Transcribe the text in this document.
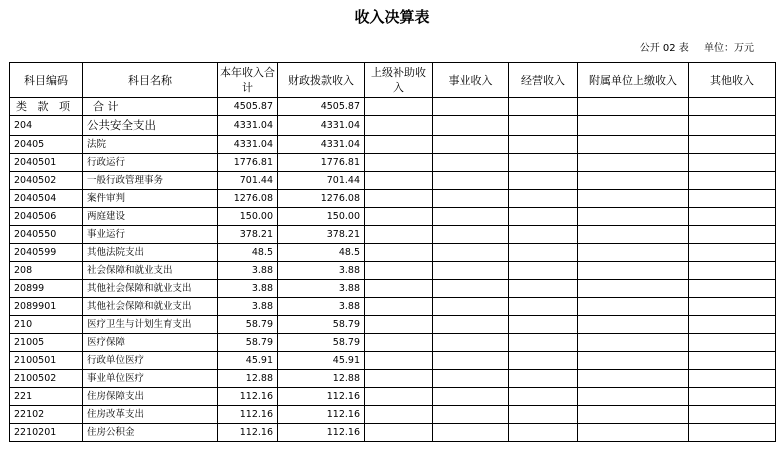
收入决算表
公开 02 表 单位：万元
科目编码	科目名称	本年收入合计	财政拨款收入	上级补助收入	事业收入	经营收入	附属单位上缴收入	其他收入

类 款 项	合 计	4505.87	4505.87					
204	公共安全支出	4331.04	4331.04					
20405	法院	4331.04	4331.04					
2040501	行政运行	1776.81	1776.81					
2040502	一般行政管理事务	701.44	701.44					
2040504	案件审判	1276.08	1276.08					
2040506	两庭建设	150.00	150.00					
2040550	事业运行	378.21	378.21					
2040599	其他法院支出	48.5	48.5					
208	社会保障和就业支出	3.88	3.88					
20899	其他社会保障和就业支出	3.88	3.88					
2089901	其他社会保障和就业支出	3.88	3.88					
210	医疗卫生与计划生育支出	58.79	58.79					
21005	医疗保障	58.79	58.79					
2100501	行政单位医疗	45.91	45.91					
2100502	事业单位医疗	12.88	12.88					
221	住房保障支出	112.16	112.16					
22102	住房改革支出	112.16	112.16					
2210201	住房公积金	112.16	112.16					
